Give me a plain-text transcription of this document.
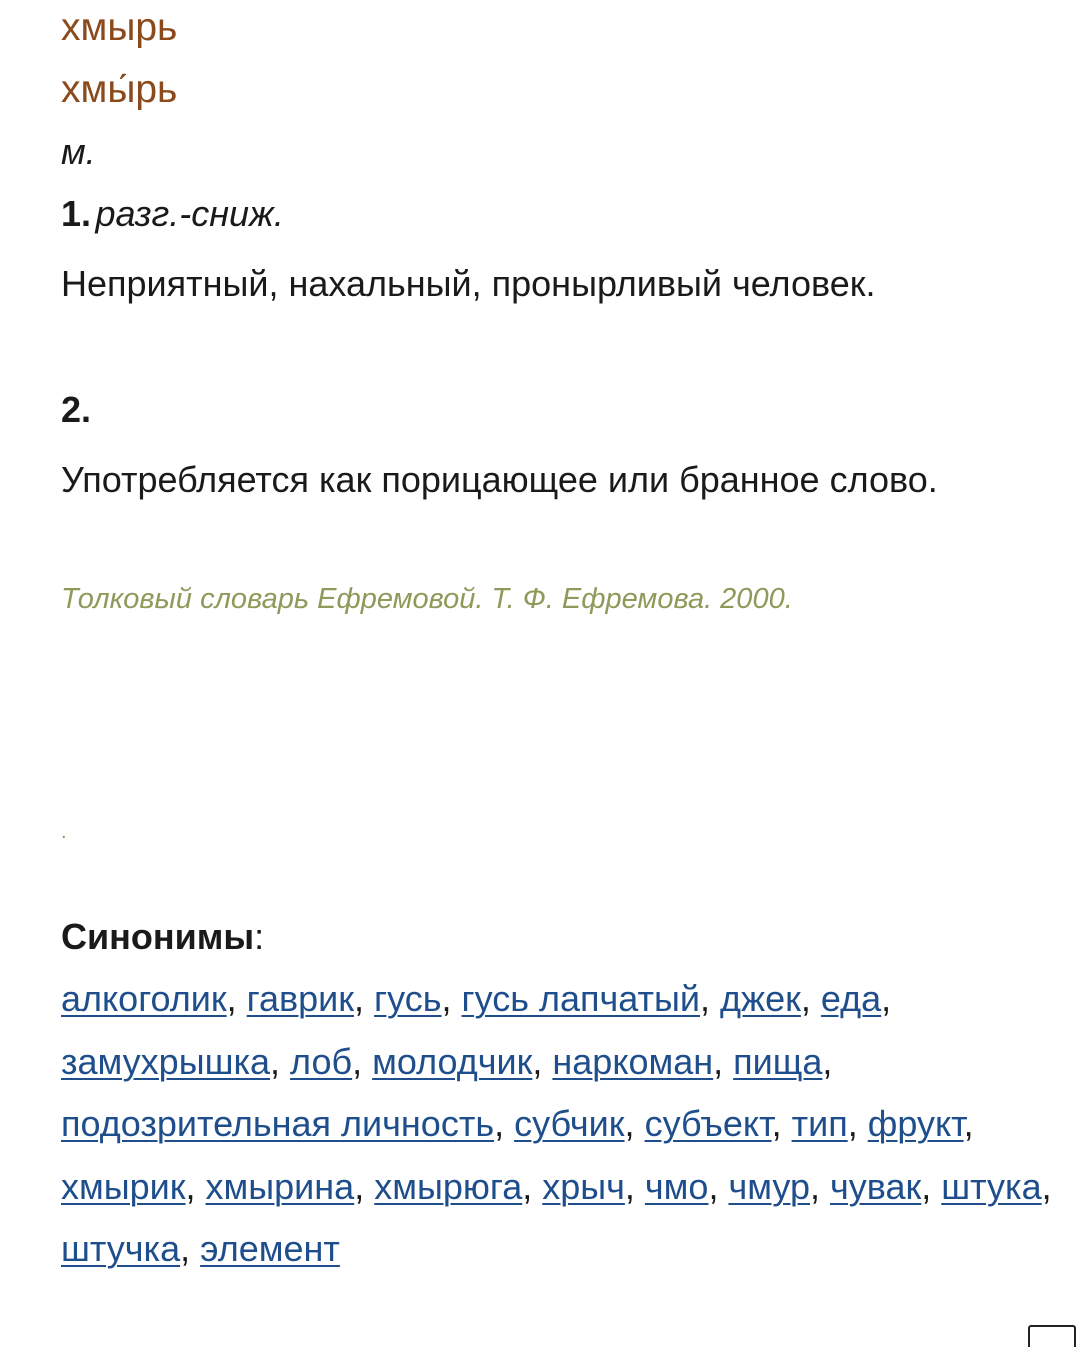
хмырь

хмы́рь

м.

1. разг.-сниж.

Неприятный, нахальный, пронырливый человек.

2.

Употребляется как порицающее или бранное слово.

Толковый словарь Ефремовой. Т. Ф. Ефремова. 2000.

.

Синонимы:

алкоголик, гаврик, гусь, гусь лапчатый, джек, еда, замухрышка, лоб, молодчик, наркоман, пища, подозрительная личность, субчик, субъект, тип, фрукт, хмырик, хмырина, хмырюга, хрыч, чмо, чмур, чувак, штука, штучка, элемент
